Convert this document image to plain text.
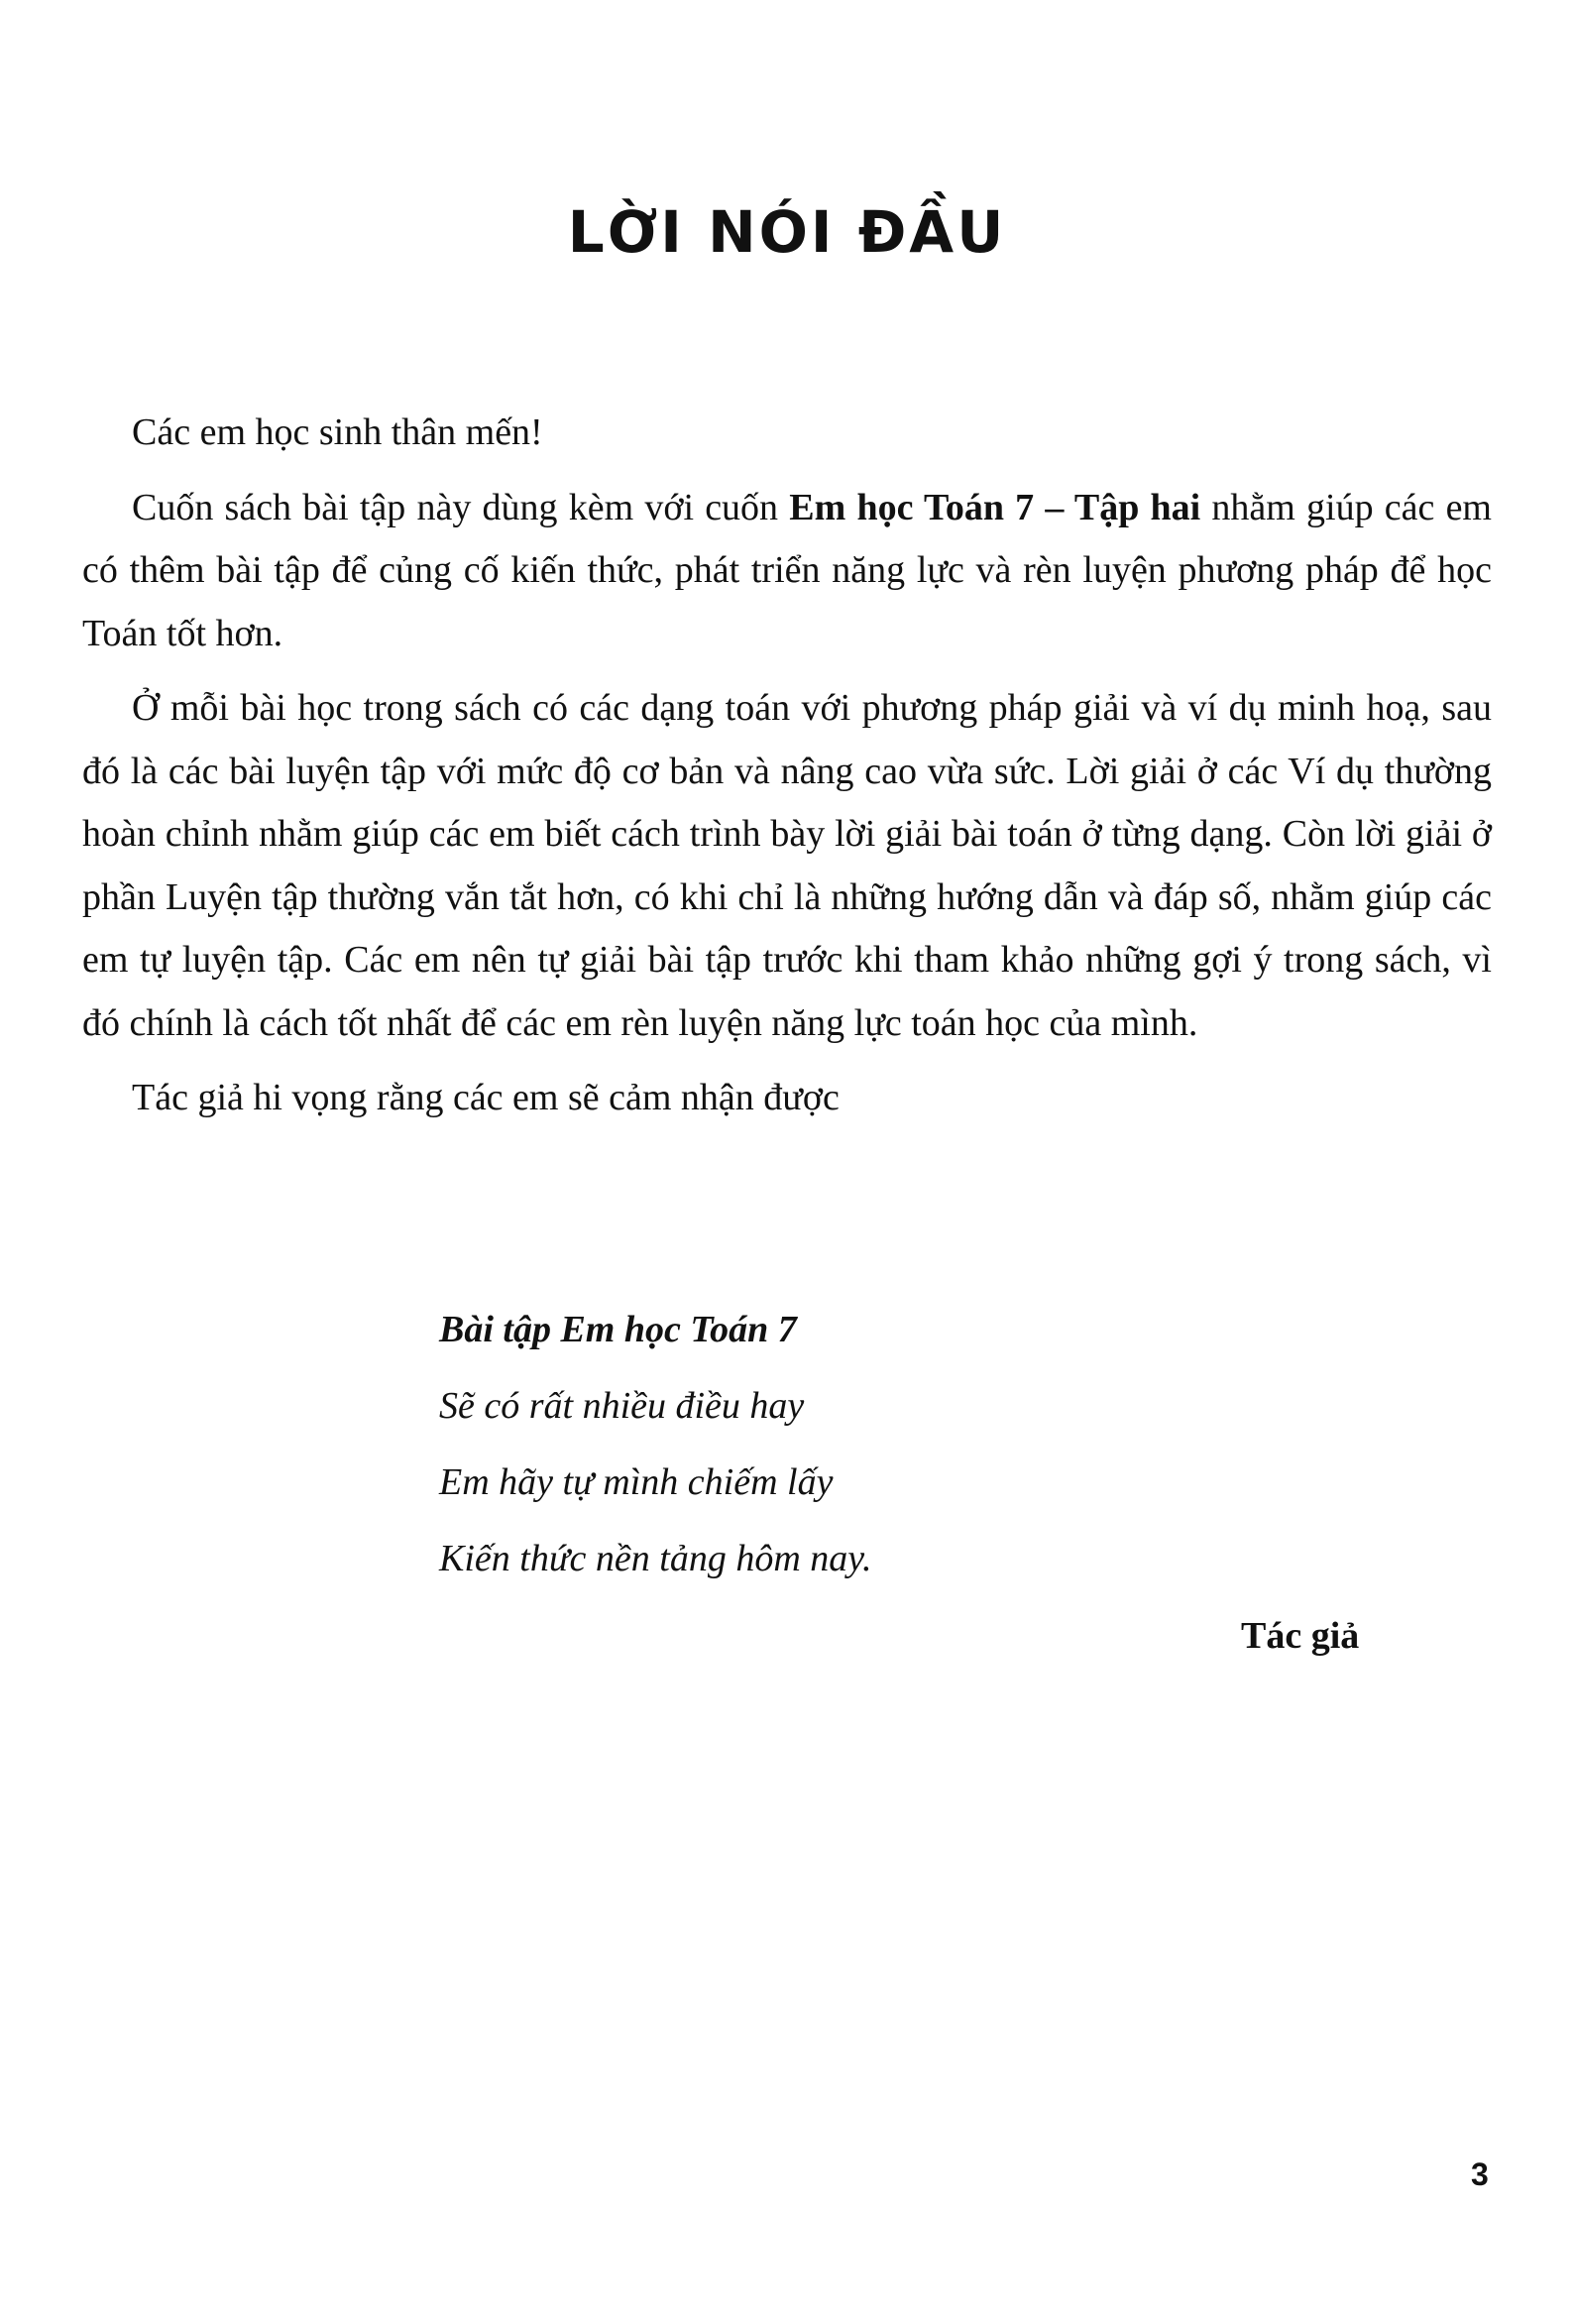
LỜI NÓI ĐẦU

Các em học sinh thân mến!

Cuốn sách bài tập này dùng kèm với cuốn Em học Toán 7 – Tập hai nhằm giúp các em có thêm bài tập để củng cố kiến thức, phát triển năng lực và rèn luyện phương pháp để học Toán tốt hơn.

Ở mỗi bài học trong sách có các dạng toán với phương pháp giải và ví dụ minh hoạ, sau đó là các bài luyện tập với mức độ cơ bản và nâng cao vừa sức. Lời giải ở các Ví dụ thường hoàn chỉnh nhằm giúp các em biết cách trình bày lời giải bài toán ở từng dạng. Còn lời giải ở phần Luyện tập thường vắn tắt hơn, có khi chỉ là những hướng dẫn và đáp số, nhằm giúp các em tự luyện tập. Các em nên tự giải bài tập trước khi tham khảo những gợi ý trong sách, vì đó chính là cách tốt nhất để các em rèn luyện năng lực toán học của mình.

Tác giả hi vọng rằng các em sẽ cảm nhận được

Bài tập Em học Toán 7
Sẽ có rất nhiều điều hay
Em hãy tự mình chiếm lấy
Kiến thức nền tảng hôm nay.
Tác giả
3
